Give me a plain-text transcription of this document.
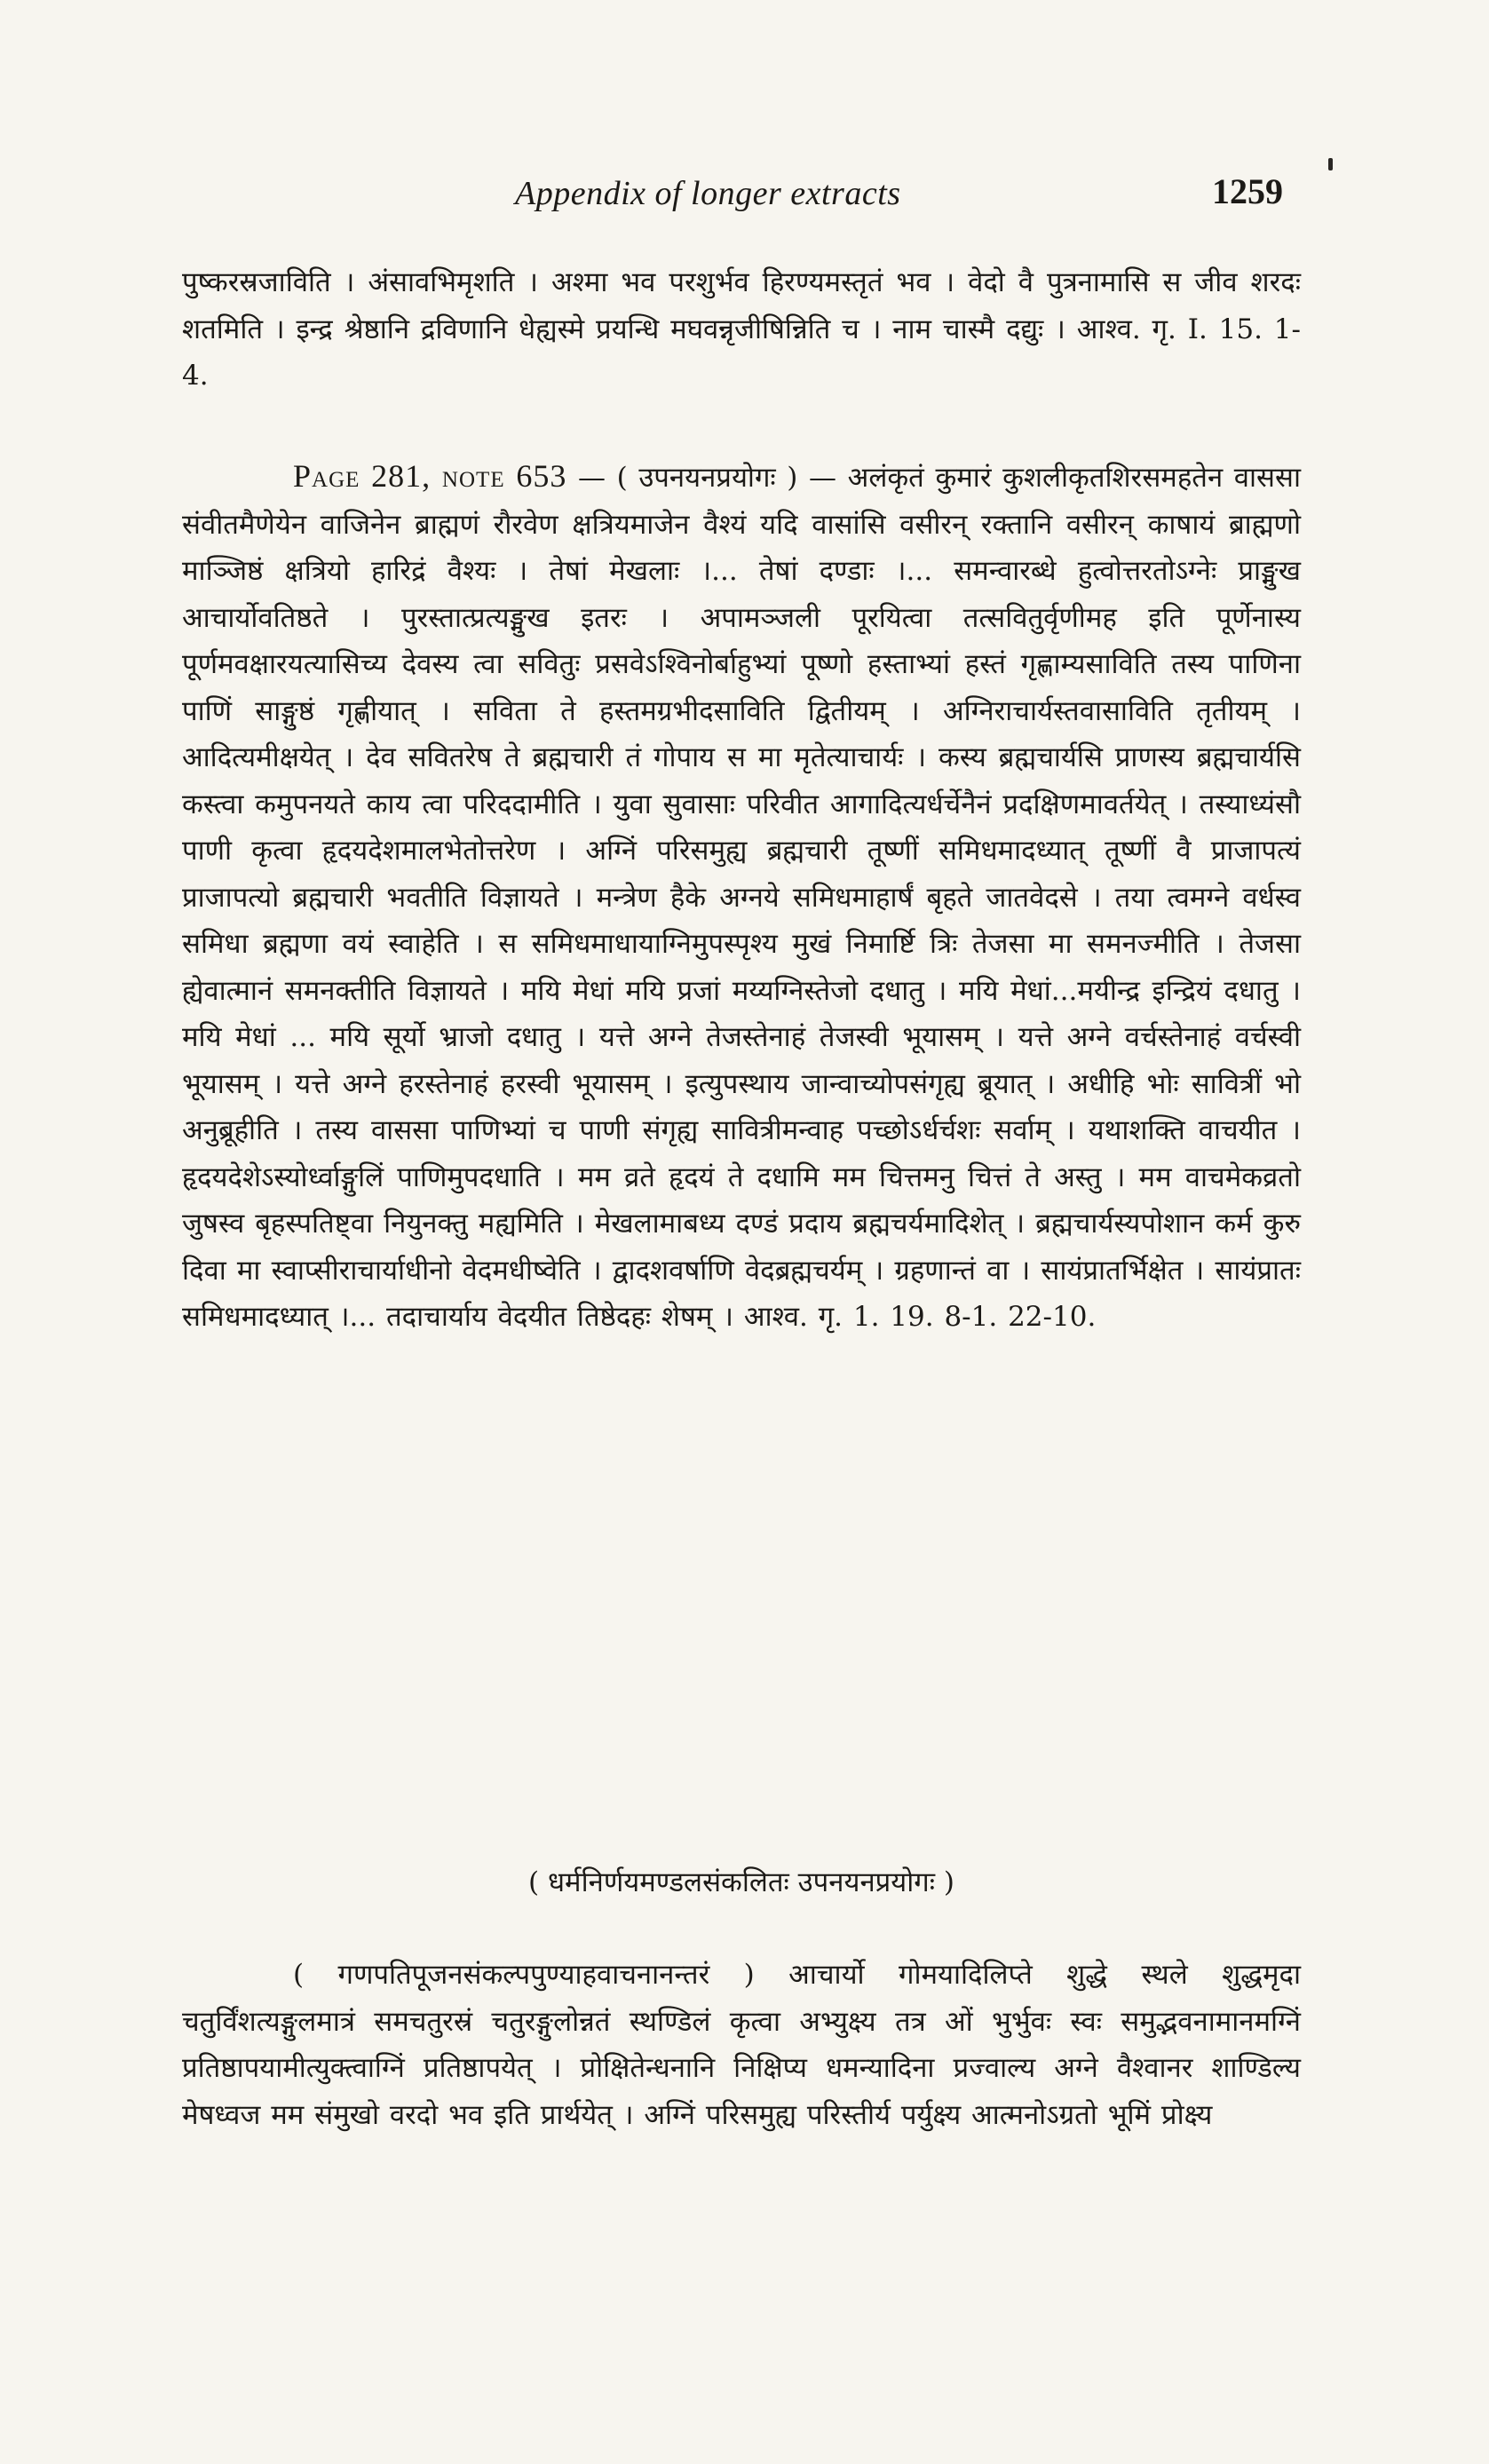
Appendix of longer extracts	1259

पुष्करस्रजाविति । अंसावभिमृशति । अश्मा भव परशुर्भव हिरण्यमस्तृतं भव । वेदो वै पुत्रनामासि स जीव शरदः शतमिति । इन्द्र श्रेष्ठानि द्रविणानि धेह्यस्मे प्रयन्धि मघवन्नृजीषिन्निति च । नाम चास्मै दद्युः । आश्व. गृ. I. 15. 1-4.

Page 281, note 653 — ( उपनयनप्रयोगः ) — अलंकृतं कुमारं कुशलीकृतशिरसमहतेन वाससा संवीतमैणेयेन वाजिनेन ब्राह्मणं रौरवेण क्षत्रियमाजेन वैश्यं यदि वासांसि वसीरन् रक्तानि वसीरन् काषायं ब्राह्मणो माञ्जिष्ठं क्षत्रियो हारिद्रं वैश्यः । तेषां मेखलाः ।... तेषां दण्डाः ।... समन्वारब्धे हुत्वोत्तरतोऽग्नेः प्राङ्मुख आचार्योवतिष्ठते । पुरस्तात्प्रत्यङ्मुख इतरः । अपामञ्जली पूरयित्वा तत्सवितुर्वृणीमह इति पूर्णेनास्य पूर्णमवक्षारयत्यासिच्य देवस्य त्वा सवितुः प्रसवेऽश्विनोर्बाहुभ्यां पूष्णो हस्ताभ्यां हस्तं गृह्णाम्यसाविति तस्य पाणिना पाणिं साङ्गुष्ठं गृह्णीयात् । सविता ते हस्तमग्रभीदसाविति द्वितीयम् । अग्निराचार्यस्तवासाविति तृतीयम् । आदित्यमीक्षयेत् । देव सवितरेष ते ब्रह्मचारी तं गोपाय स मा मृतेत्याचार्यः । कस्य ब्रह्मचार्यसि प्राणस्य ब्रह्मचार्यसि कस्त्वा कमुपनयते काय त्वा परिददामीति । युवा सुवासाः परिवीत आगादित्यर्धर्चेनैनं प्रदक्षिणमावर्तयेत् । तस्याध्यंसौ पाणी कृत्वा हृदयदेशमालभेतोत्तरेण । अग्निं परिसमुह्य ब्रह्मचारी तूष्णीं समिधमादध्यात् तूष्णीं वै प्राजापत्यं प्राजापत्यो ब्रह्मचारी भवतीति विज्ञायते । मन्त्रेण हैके अग्नये समिधमाहार्षं बृहते जातवेदसे । तया त्वमग्ने वर्धस्व समिधा ब्रह्मणा वयं स्वाहेति । स समिधमाधायाग्निमुपस्पृश्य मुखं निमार्ष्टि त्रिः तेजसा मा समनज्मीति । तेजसा ह्येवात्मानं समनक्तीति विज्ञायते । मयि मेधां मयि प्रजां मय्यग्निस्तेजो दधातु । मयि मेधां...मयीन्द्र इन्द्रियं दधातु । मयि मेधां ... मयि सूर्यो भ्राजो दधातु । यत्ते अग्ने तेजस्तेनाहं तेजस्वी भूयासम् । यत्ते अग्ने वर्चस्तेनाहं वर्चस्वी भूयासम् । यत्ते अग्ने हरस्तेनाहं हरस्वी भूयासम् । इत्युपस्थाय जान्वाच्योपसंगृह्य ब्रूयात् । अधीहि भोः सावित्रीं भो अनुब्रूहीति । तस्य वाससा पाणिभ्यां च पाणी संगृह्य सावित्रीमन्वाह पच्छोऽर्धर्चशः सर्वाम् । यथाशक्ति वाचयीत । हृदयदेशेऽस्योर्ध्वाङ्गुलिं पाणिमुपदधाति । मम व्रते हृदयं ते दधामि मम चित्तमनु चित्तं ते अस्तु । मम वाचमेकव्रतो जुषस्व बृहस्पतिष्ट्वा नियुनक्तु मह्यमिति । मेखलामाबध्य दण्डं प्रदाय ब्रह्मचर्यमादिशेत् । ब्रह्मचार्यस्यपोशान कर्म कुरु दिवा मा स्वाप्सीराचार्याधीनो वेदमधीष्वेति । द्वादशवर्षाणि वेदब्रह्मचर्यम् । ग्रहणान्तं वा । सायंप्रातर्भिक्षेत । सायंप्रातः समिधमादध्यात् ।... तदाचार्याय वेदयीत तिष्ठेदहः शेषम् । आश्व. गृ. 1. 19. 8-1. 22-10.

( धर्मनिर्णयमण्डलसंकलितः उपनयनप्रयोगः )

( गणपतिपूजनसंकल्पपुण्याहवाचनानन्तरं ) आचार्यो गोमयादिलिप्ते शुद्धे स्थले शुद्धमृदा चतुर्विंशत्यङ्गुलमात्रं समचतुरस्रं चतुरङ्गुलोन्नतं स्थण्डिलं कृत्वा अभ्युक्ष्य तत्र ओं भुर्भुवः स्वः समुद्भवनामानमग्निं प्रतिष्ठापयामीत्युक्त्वाग्निं प्रतिष्ठापयेत् । प्रोक्षितेन्धनानि निक्षिप्य धमन्यादिना प्रज्वाल्य अग्ने वैश्वानर शाण्डिल्य मेषध्वज मम संमुखो वरदो भव इति प्रार्थयेत् । अग्निं परिसमुह्य परिस्तीर्य पर्युक्ष्य आत्मनोऽग्रतो भूमिं प्रोक्ष्य
